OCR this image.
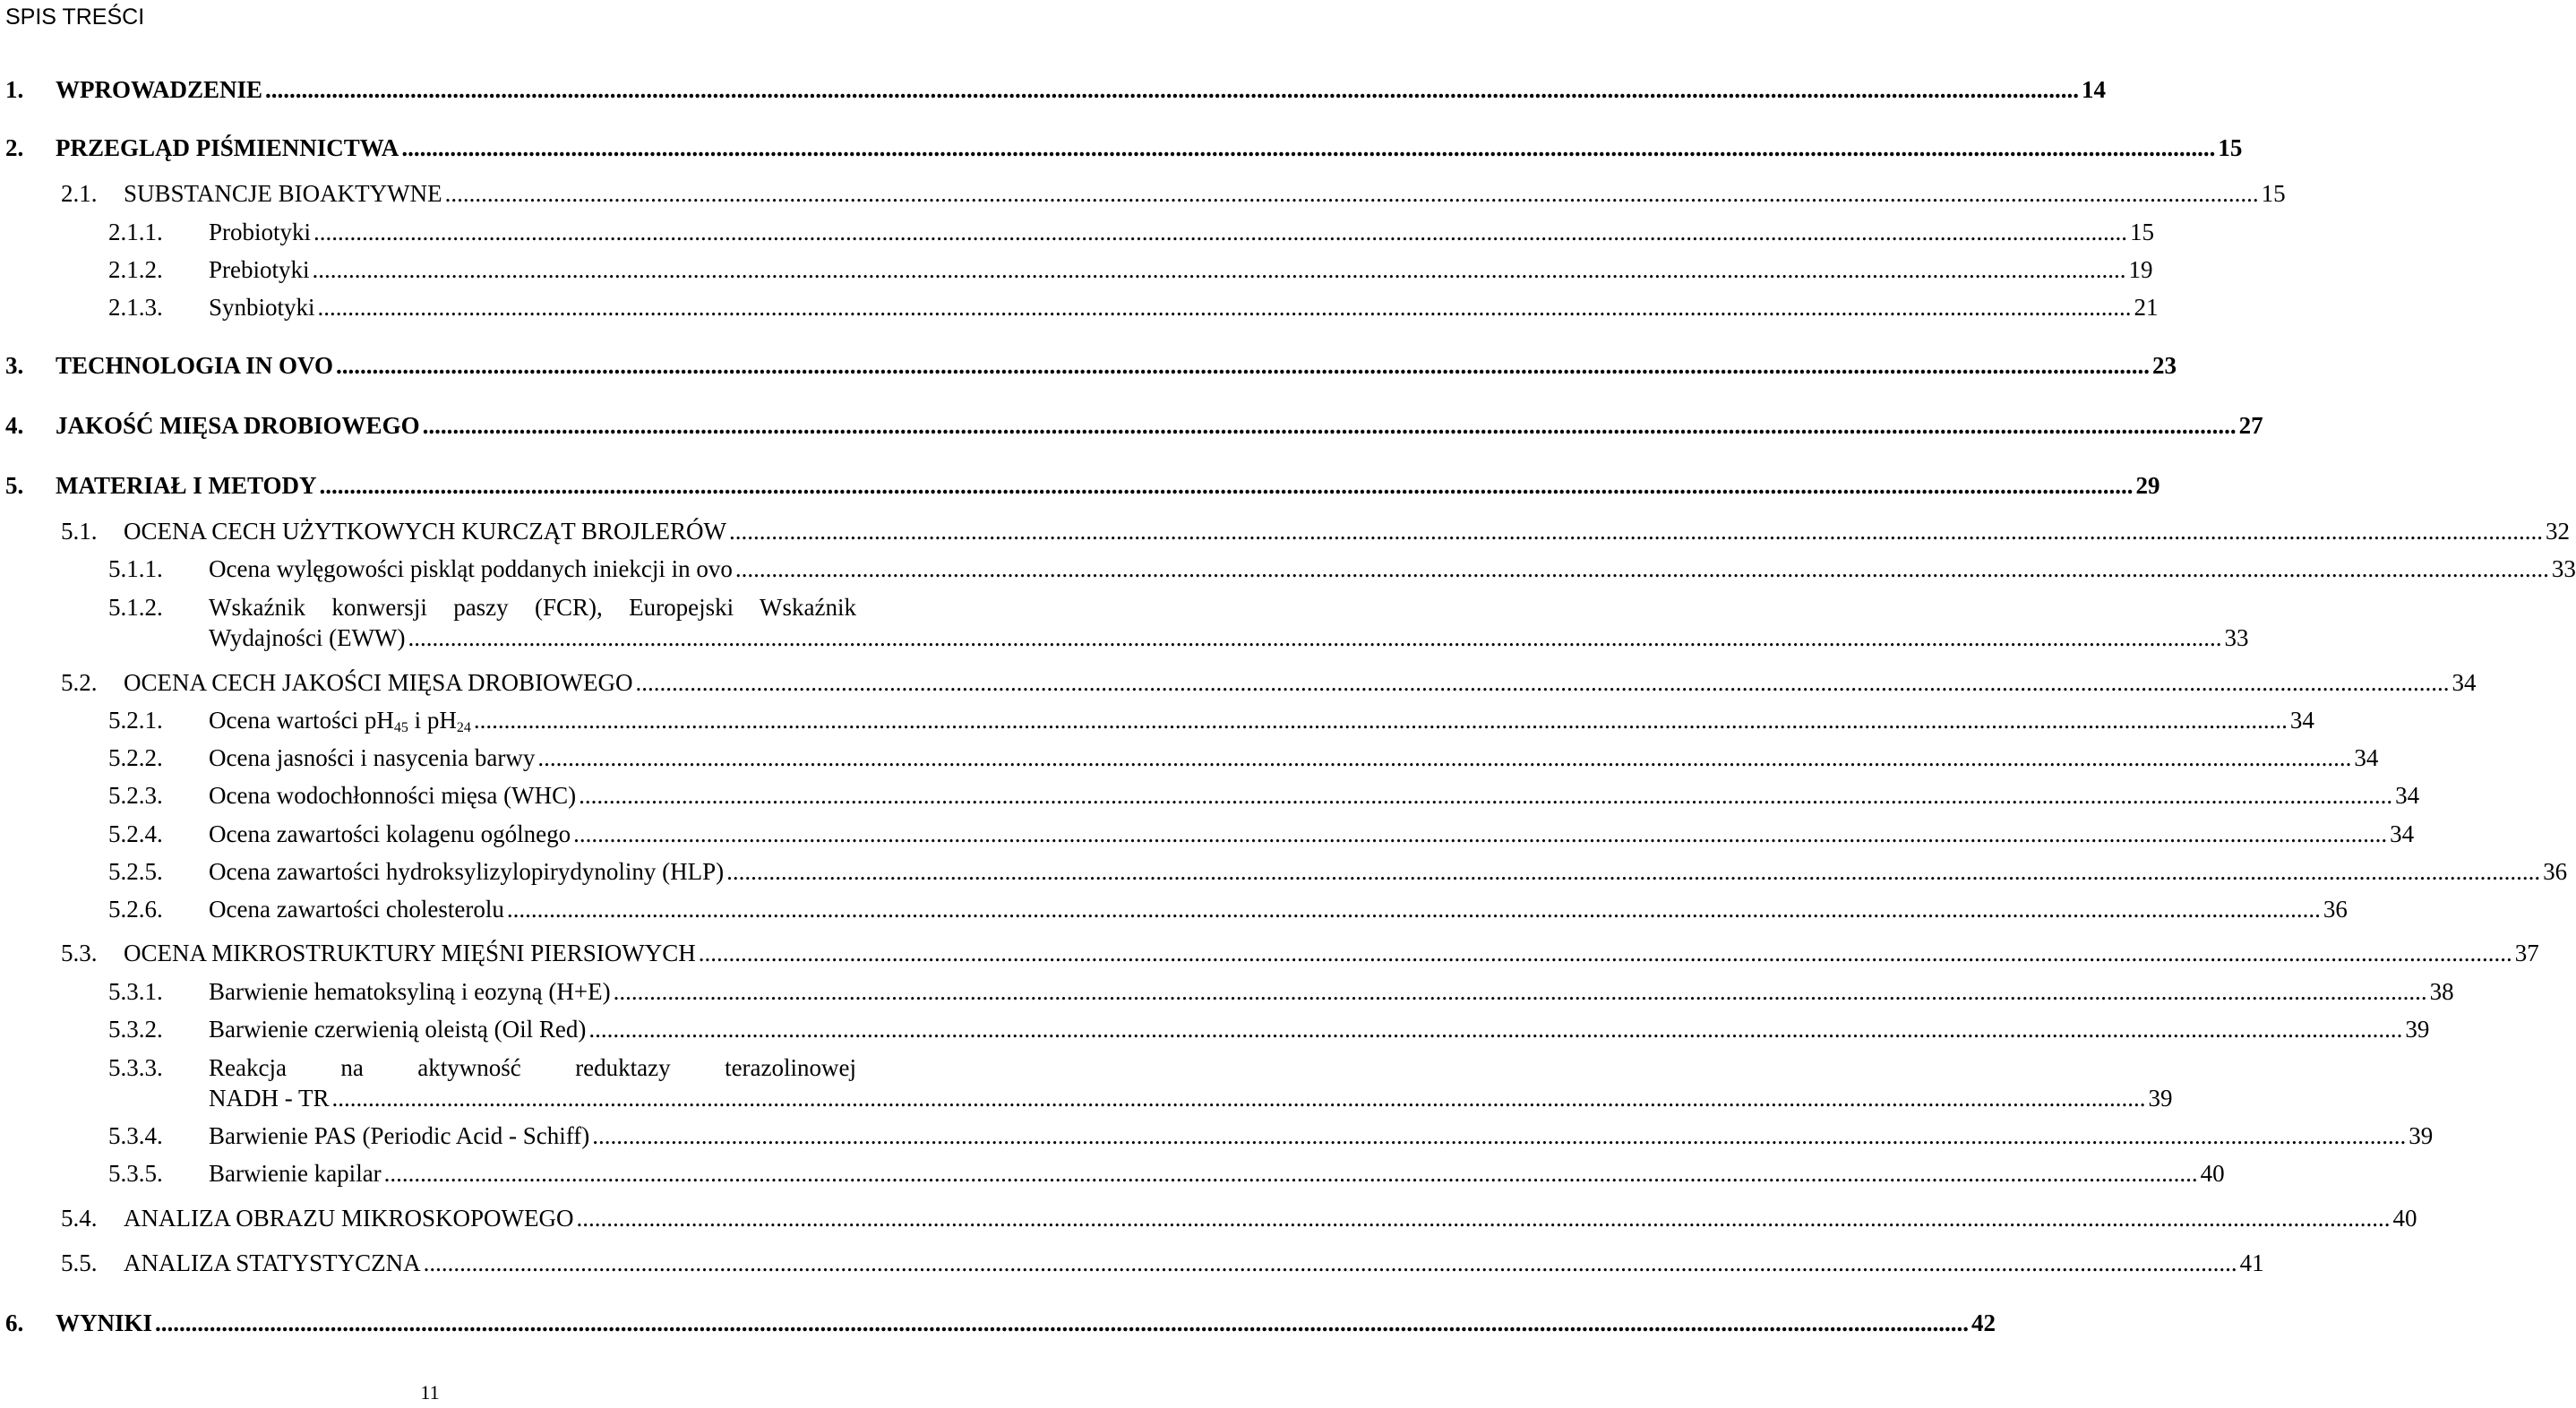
SPIS TREŚCI
1. WPROWADZENIE ............................................................................................................................................................................................................................................................................................................ 14
2. PRZEGLĄD PIŚMIENNICTWA ............................................................................................................................................................................................................................................................................................................ 15
2.1. SUBSTANCJE BIOAKTYWNE ............................................................................................................................................................................................................................................................................................................ 15
2.1.1. Probiotyki ............................................................................................................................................................................................................................................................................................................ 15
2.1.2. Prebiotyki ............................................................................................................................................................................................................................................................................................................ 19
2.1.3. Synbiotyki ............................................................................................................................................................................................................................................................................................................ 21
3. TECHNOLOGIA IN OVO ............................................................................................................................................................................................................................................................................................................ 23
4. JAKOŚĆ MIĘSA DROBIOWEGO ............................................................................................................................................................................................................................................................................................................ 27
5. MATERIAŁ I METODY ............................................................................................................................................................................................................................................................................................................ 29
5.1. OCENA CECH UŻYTKOWYCH KURCZĄT BROJLERÓW ............................................................................................................................................................................................................................................................................................................ 32
5.1.1. Ocena wylęgowości piskląt poddanych iniekcji in ovo ............................................................................................................................................................................................................................................................................................................ 33
5.1.2. Wskaźnik konwersji paszy (FCR), Europejski Wskaźnik
Wydajności (EWW) ............................................................................................................................................................................................................................................................................................................ 33
5.2. OCENA CECH JAKOŚCI MIĘSA DROBIOWEGO ............................................................................................................................................................................................................................................................................................................ 34
5.2.1. Ocena wartości $pH_{45}$ i $pH_{24}$ ............................................................................................................................................................................................................................................................................................................ 34
5.2.2. Ocena jasności i nasycenia barwy ............................................................................................................................................................................................................................................................................................................ 34
5.2.3. Ocena wodochłonności mięsa (WHC) ............................................................................................................................................................................................................................................................................................................ 34
5.2.4. Ocena zawartości kolagenu ogólnego ............................................................................................................................................................................................................................................................................................................ 34
5.2.5. Ocena zawartości hydroksylizylopirydynoliny (HLP) ............................................................................................................................................................................................................................................................................................................ 36
5.2.6. Ocena zawartości cholesterolu ............................................................................................................................................................................................................................................................................................................ 36
5.3. OCENA MIKROSTRUKTURY MIĘŚNI PIERSIOWYCH ............................................................................................................................................................................................................................................................................................................ 37
5.3.1. Barwienie hematoksyliną i eozyną (H+E) ............................................................................................................................................................................................................................................................................................................ 38
5.3.2. Barwienie czerwienią oleistą (Oil Red) ............................................................................................................................................................................................................................................................................................................ 39
5.3.3. Reakcja na aktywność reduktazy terazolinowej
NADH - TR ............................................................................................................................................................................................................................................................................................................ 39
5.3.4. Barwienie PAS (Periodic Acid - Schiff) ............................................................................................................................................................................................................................................................................................................ 39
5.3.5. Barwienie kapilar ............................................................................................................................................................................................................................................................................................................ 40
5.4. ANALIZA OBRAZU MIKROSKOPOWEGO ............................................................................................................................................................................................................................................................................................................ 40
5.5. ANALIZA STATYSTYCZNA ............................................................................................................................................................................................................................................................................................................ 41
6. WYNIKI ............................................................................................................................................................................................................................................................................................................ 42
11
